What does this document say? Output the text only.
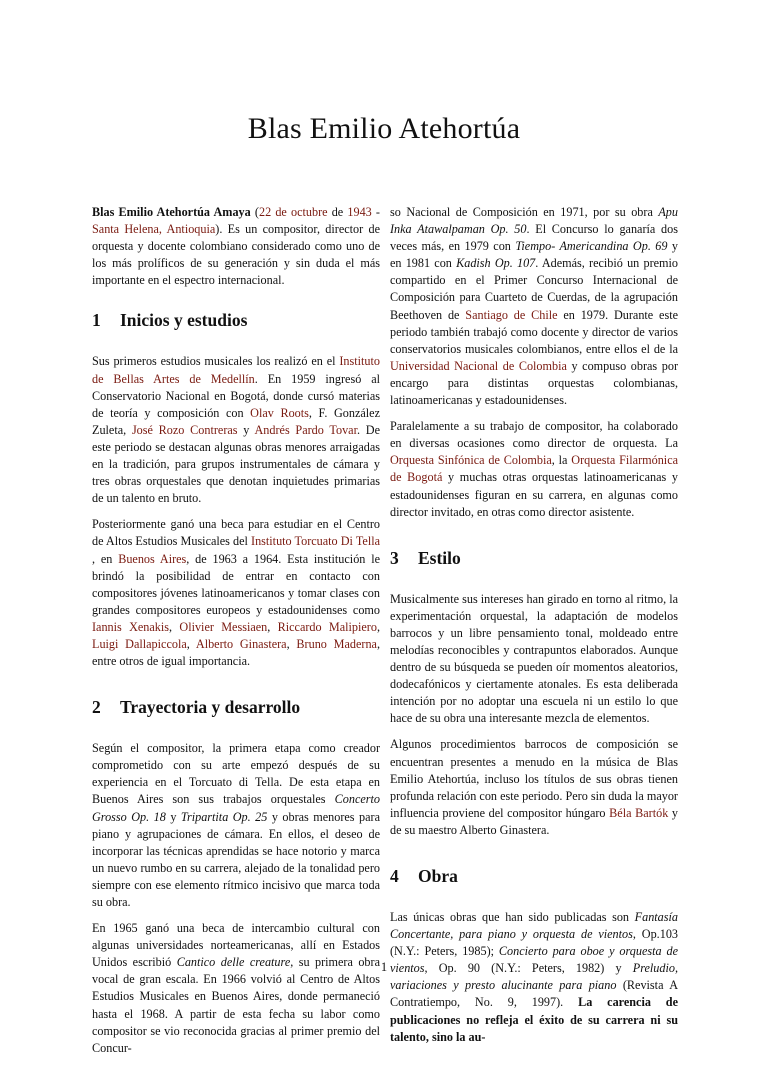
Blas Emilio Atehortúa

Blas Emilio Atehortúa Amaya (22 de octubre de 1943 - Santa Helena, Antioquia). Es un compositor, director de orquesta y docente colombiano considerado como uno de los más prolíficos de su generación y sin duda el más importante en el espectro internacional.

1 Inicios y estudios

Sus primeros estudios musicales los realizó en el Instituto de Bellas Artes de Medellín. En 1959 ingresó al Conservatorio Nacional en Bogotá, donde cursó materias de teoría y composición con Olav Roots, F. González Zuleta, José Rozo Contreras y Andrés Pardo Tovar. De este periodo se destacan algunas obras menores arraigadas en la tradición, para grupos instrumentales de cámara y tres obras orquestales que denotan inquietudes primarias de un talento en bruto.

Posteriormente ganó una beca para estudiar en el Centro de Altos Estudios Musicales del Instituto Torcuato Di Tella , en Buenos Aires, de 1963 a 1964. Esta institución le brindó la posibilidad de entrar en contacto con compositores jóvenes latinoamericanos y tomar clases con grandes compositores europeos y estadounidenses como Iannis Xenakis, Olivier Messiaen, Riccardo Malipiero, Luigi Dallapiccola, Alberto Ginastera, Bruno Maderna, entre otros de igual importancia.

2 Trayectoria y desarrollo

Según el compositor, la primera etapa como creador comprometido con su arte empezó después de su experiencia en el Torcuato di Tella. De esta etapa en Buenos Aires son sus trabajos orquestales Concerto Grosso Op. 18 y Tripartita Op. 25 y obras menores para piano y agrupaciones de cámara. En ellos, el deseo de incorporar las técnicas aprendidas se hace notorio y marca un nuevo rumbo en su carrera, alejado de la tonalidad pero siempre con ese elemento rítmico incisivo que marca toda su obra.

En 1965 ganó una beca de intercambio cultural con algunas universidades norteamericanas, allí en Estados Unidos escribió Cantico delle creature, su primera obra vocal de gran escala. En 1966 volvió al Centro de Altos Estudios Musicales en Buenos Aires, donde permaneció hasta el 1968. A partir de esta fecha su labor como compositor se vio reconocida gracias al primer premio del Concur-

so Nacional de Composición en 1971, por su obra Apu Inka Atawalpaman Op. 50. El Concurso lo ganaría dos veces más, en 1979 con Tiempo- Americandina Op. 69 y en 1981 con Kadish Op. 107. Además, recibió un premio compartido en el Primer Concurso Internacional de Composición para Cuarteto de Cuerdas, de la agrupación Beethoven de Santiago de Chile en 1979. Durante este periodo también trabajó como docente y director de varios conservatorios musicales colombianos, entre ellos el de la Universidad Nacional de Colombia y compuso obras por encargo para distintas orquestas colombianas, latinoamericanas y estadounidenses.

Paralelamente a su trabajo de compositor, ha colaborado en diversas ocasiones como director de orquesta. La Orquesta Sinfónica de Colombia, la Orquesta Filarmónica de Bogotá y muchas otras orquestas latinoamericanas y estadounidenses figuran en su carrera, en algunas como director invitado, en otras como director asistente.

3 Estilo

Musicalmente sus intereses han girado en torno al ritmo, la experimentación orquestal, la adaptación de modelos barrocos y un libre pensamiento tonal, moldeado entre melodías reconocibles y contrapuntos elaborados. Aunque dentro de su búsqueda se pueden oír momentos aleatorios, dodecafónicos y ciertamente atonales. Es esta deliberada intención por no adoptar una escuela ni un estilo lo que hace de su obra una interesante mezcla de elementos.

Algunos procedimientos barrocos de composición se encuentran presentes a menudo en la música de Blas Emilio Atehortúa, incluso los títulos de sus obras tienen profunda relación con este periodo. Pero sin duda la mayor influencia proviene del compositor húngaro Béla Bartók y de su maestro Alberto Ginastera.

4 Obra

Las únicas obras que han sido publicadas son Fantasía Concertante, para piano y orquesta de vientos, Op.103 (N.Y.: Peters, 1985); Concierto para oboe y orquesta de vientos, Op. 90 (N.Y.: Peters, 1982) y Preludio, variaciones y presto alucinante para piano (Revista A Contratiempo, No. 9, 1997). La carencia de publicaciones no refleja el éxito de su carrera ni su talento, sino la au-

1
